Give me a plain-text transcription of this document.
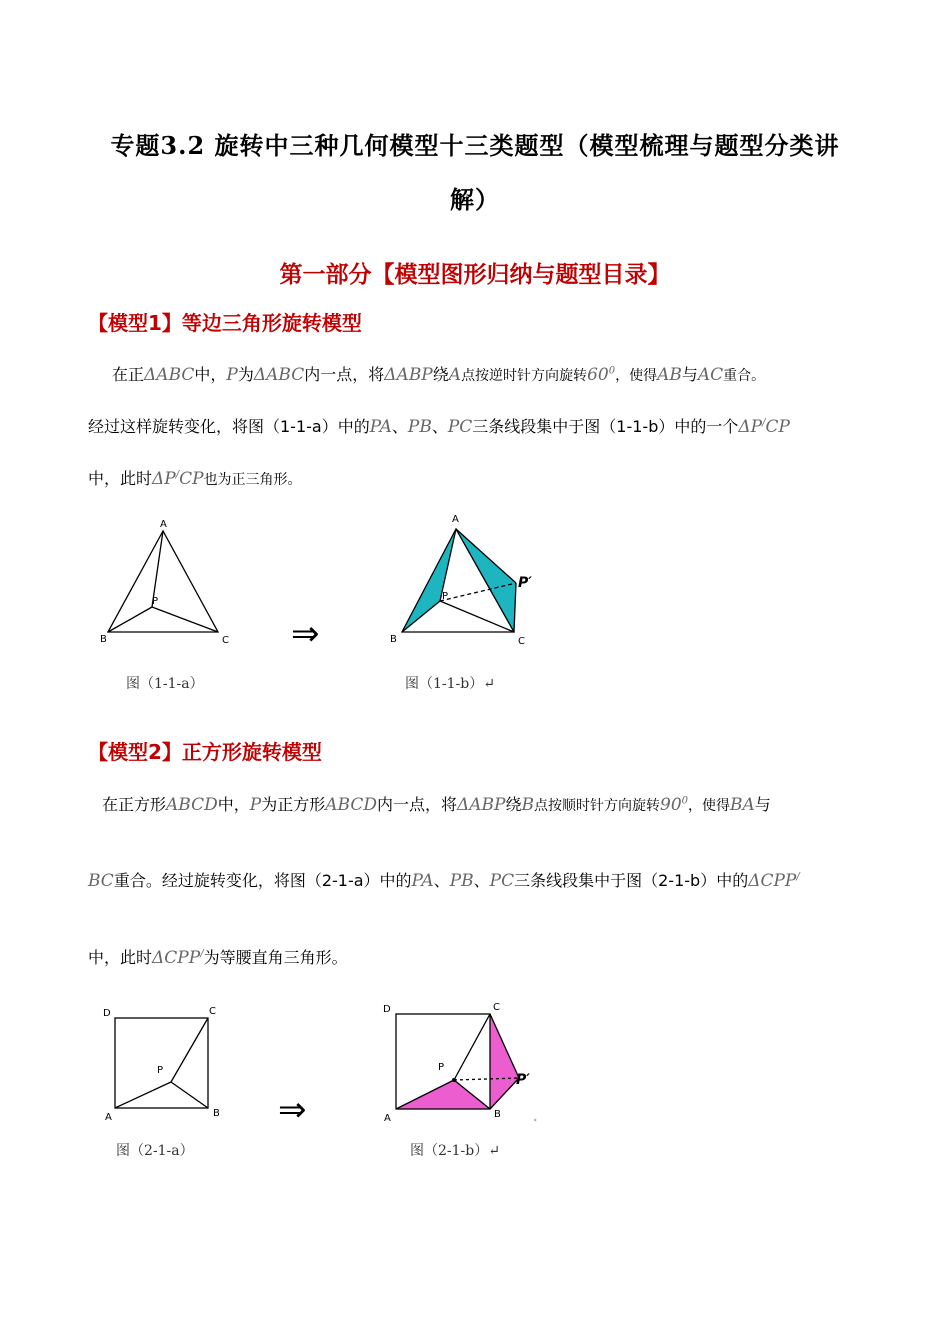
专题3.2 旋转中三种几何模型十三类题型（模型梳理与题型分类讲
解）
第一部分【模型图形归纳与题型目录】
【模型1】等边三角形旋转模型
在正ΔABC中，P为ΔABC内一点，将ΔABP绕A点按逆时针方向旋转$60^0$，使得AB与AC重合。
经过这样旋转变化，将图（1-1-a）中的PA、PB、PC三条线段集中于图（1-1-b）中的一个ΔP/CP
中，此时ΔP/CP也为正三角形。
A
B	C
P
图（1-1-a）
⇒
A
B	C
P
P′
图（1-1-b）↵
【模型2】正方形旋转模型
在正方形ABCD中，P为正方形ABCD内一点，将ΔABP绕B点按顺时针方向旋转$90^0$，使得BA与
BC重合。经过旋转变化，将图（2-1-a）中的PA、PB、PC三条线段集中于图（2-1-b）中的ΔCPP/
中，此时ΔCPP/为等腰直角三角形。
D	C
A	B
P
图（2-1-a）
⇒
D	C
A	B
P
P′
˂
图（2-1-b）↵
